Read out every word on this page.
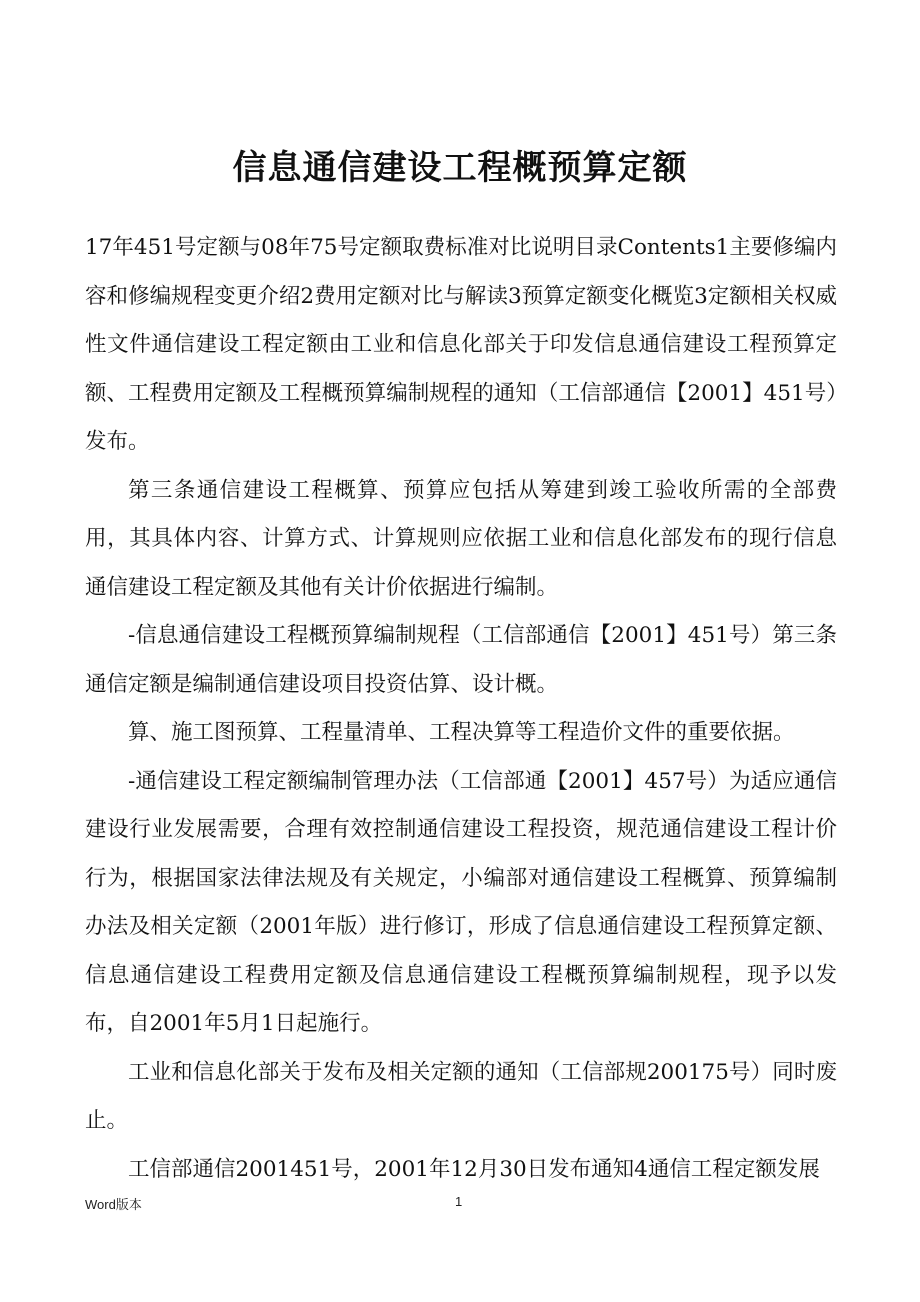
信息通信建设工程概预算定额

17年451号定额与08年75号定额取费标准对比说明目录Contents1主要修编内容和修编规程变更介绍2费用定额对比与解读3预算定额变化概览3定额相关权威性文件通信建设工程定额由工业和信息化部关于印发信息通信建设工程预算定额、工程费用定额及工程概预算编制规程的通知（工信部通信【2001】451号）发布。

第三条通信建设工程概算、预算应包括从筹建到竣工验收所需的全部费用，其具体内容、计算方式、计算规则应依据工业和信息化部发布的现行信息通信建设工程定额及其他有关计价依据进行编制。

-信息通信建设工程概预算编制规程（工信部通信【2001】451号）第三条通信定额是编制通信建设项目投资估算、设计概。

算、施工图预算、工程量清单、工程决算等工程造价文件的重要依据。

-通信建设工程定额编制管理办法（工信部通【2001】457号）为适应通信建设行业发展需要，合理有效控制通信建设工程投资，规范通信建设工程计价行为，根据国家法律法规及有关规定，小编部对通信建设工程概算、预算编制办法及相关定额（2001年版）进行修订，形成了信息通信建设工程预算定额、信息通信建设工程费用定额及信息通信建设工程概预算编制规程，现予以发布，自2001年5月1日起施行。

工业和信息化部关于发布及相关定额的通知（工信部规200175号）同时废止。

工信部通信2001451号，2001年12月30日发布通知4通信工程定额发展

Word版本	1
